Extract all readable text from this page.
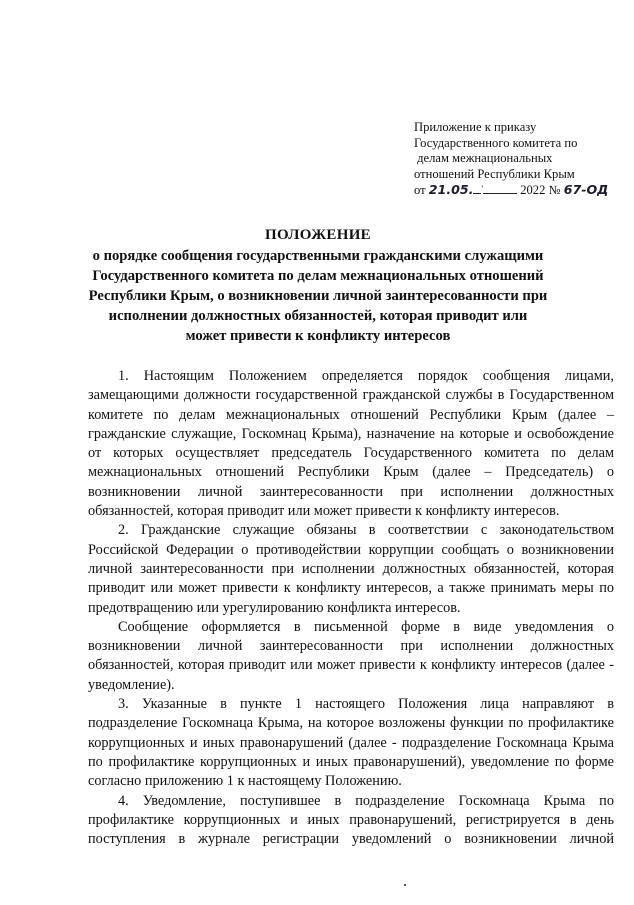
Приложение к приказу
Государственного комитета по
делам межнациональных
отношений Республики Крым
от 21.05. '	2022 № 67-ОД
ПОЛОЖЕНИЕ
о порядке сообщения государственными гражданскими служащими Государственного комитета по делам межнациональных отношений Республики Крым, о возникновении личной заинтересованности при исполнении должностных обязанностей, которая приводит или может привести к конфликту интересов

1. Настоящим Положением определяется порядок сообщения лицами, замещающими должности государственной гражданской службы в Государственном комитете по делам межнациональных отношений Республики Крым (далее – гражданские служащие, Госкомнац Крыма), назначение на которые и освобождение от которых осуществляет председатель Государственного комитета по делам межнациональных отношений Республики Крым (далее – Председатель) о возникновении личной заинтересованности при исполнении должностных обязанностей, которая приводит или может привести к конфликту интересов.

2. Гражданские служащие обязаны в соответствии с законодательством Российской Федерации о противодействии коррупции сообщать о возникновении личной заинтересованности при исполнении должностных обязанностей, которая приводит или может привести к конфликту интересов, а также принимать меры по предотвращению или урегулированию конфликта интересов.

Сообщение оформляется в письменной форме в виде уведомления о возникновении личной заинтересованности при исполнении должностных обязанностей, которая приводит или может привести к конфликту интересов (далее - уведомление).

3. Указанные в пункте 1 настоящего Положения лица направляют в подразделение Госкомнаца Крыма, на которое возложены функции по профилактике коррупционных и иных правонарушений (далее - подразделение Госкомнаца Крыма по профилактике коррупционных и иных правонарушений), уведомление по форме согласно приложению 1 к настоящему Положению.

4. Уведомление, поступившее в подразделение Госкомнаца Крыма по профилактике коррупционных и иных правонарушений, регистрируется в день поступления в журнале регистрации уведомлений о возникновении личной
